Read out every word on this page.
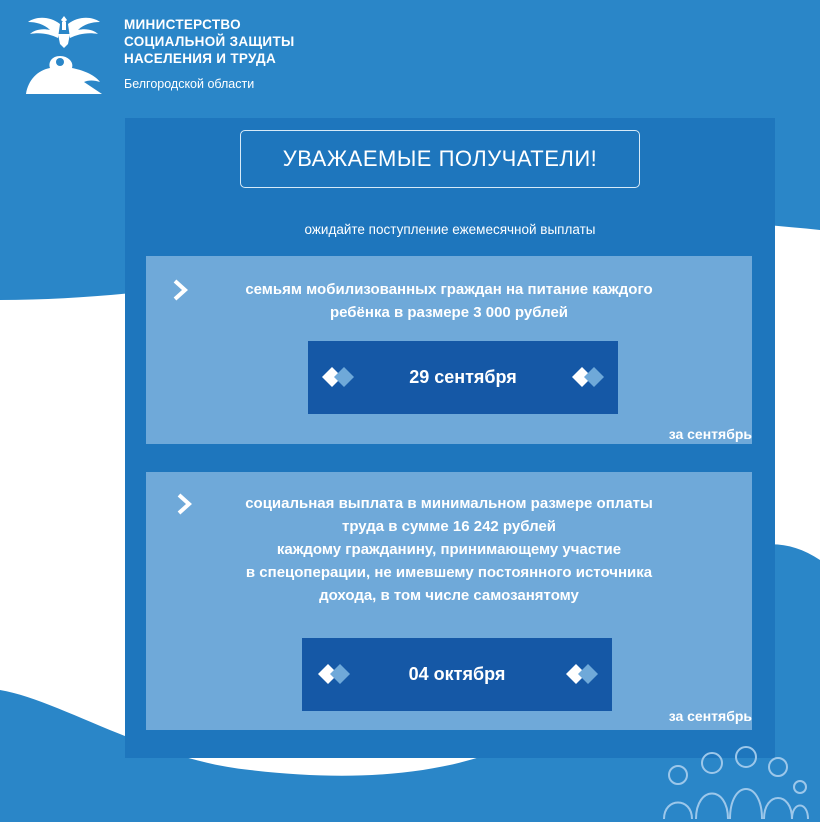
МИНИСТЕРСТВО
СОЦИАЛЬНОЙ ЗАЩИТЫ
НАСЕЛЕНИЯ И ТРУДА
Белгородской области
УВАЖАЕМЫЕ ПОЛУЧАТЕЛИ!
ожидайте поступление ежемесячной выплаты
семьям мобилизованных граждан на питание каждого
ребёнка в размере 3 000 рублей
29 сентября
за сентябрь
социальная выплата в минимальном размере оплаты
труда в сумме 16 242 рублей
каждому гражданину, принимающему участие
в спецоперации, не имевшему постоянного источника
дохода, в том числе самозанятому
04 октября
за сентябрь
